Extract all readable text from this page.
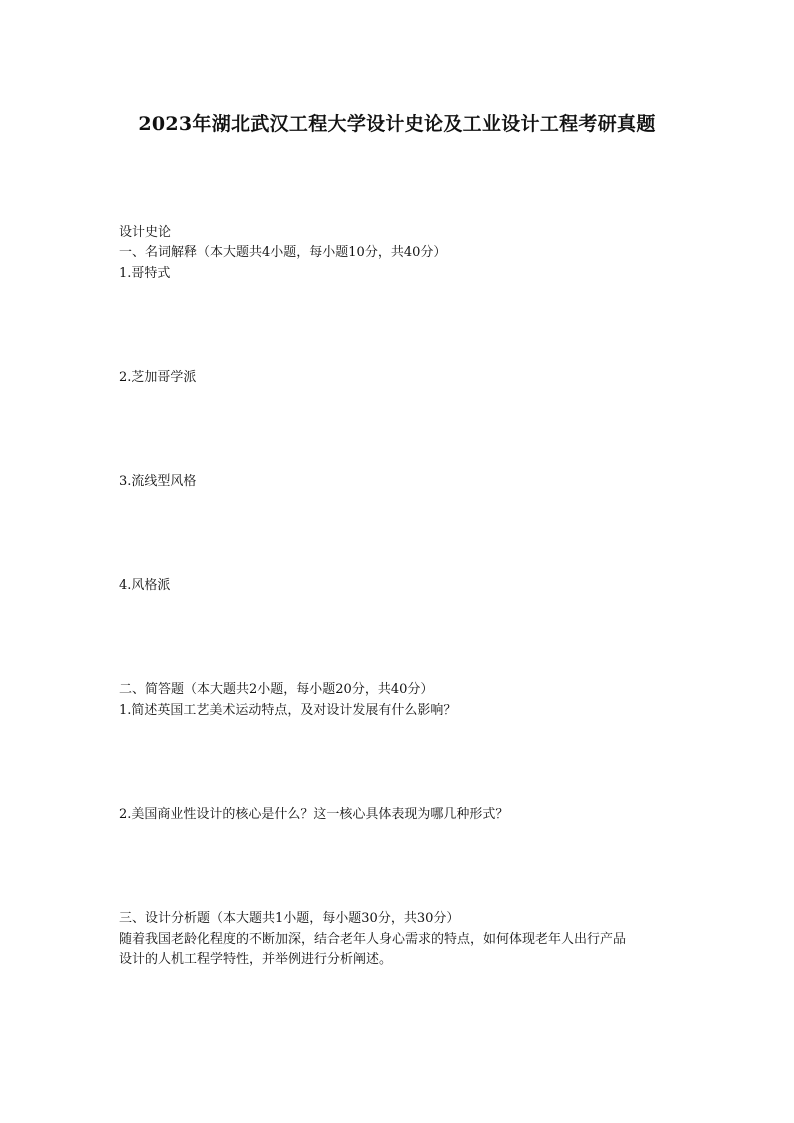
2023年湖北武汉工程大学设计史论及工业设计工程考研真题

设计史论

一、名词解释（本大题共4小题，每小题10分，共40分）

1.哥特式

2.芝加哥学派

3.流线型风格

4.风格派

二、简答题（本大题共2小题，每小题20分，共40分）

1.简述英国工艺美术运动特点，及对设计发展有什么影响？

2.美国商业性设计的核心是什么？这一核心具体表现为哪几种形式？

三、设计分析题（本大题共1小题，每小题30分，共30分）

随着我国老龄化程度的不断加深，结合老年人身心需求的特点，如何体现老年人出行产品

设计的人机工程学特性，并举例进行分析阐述。
